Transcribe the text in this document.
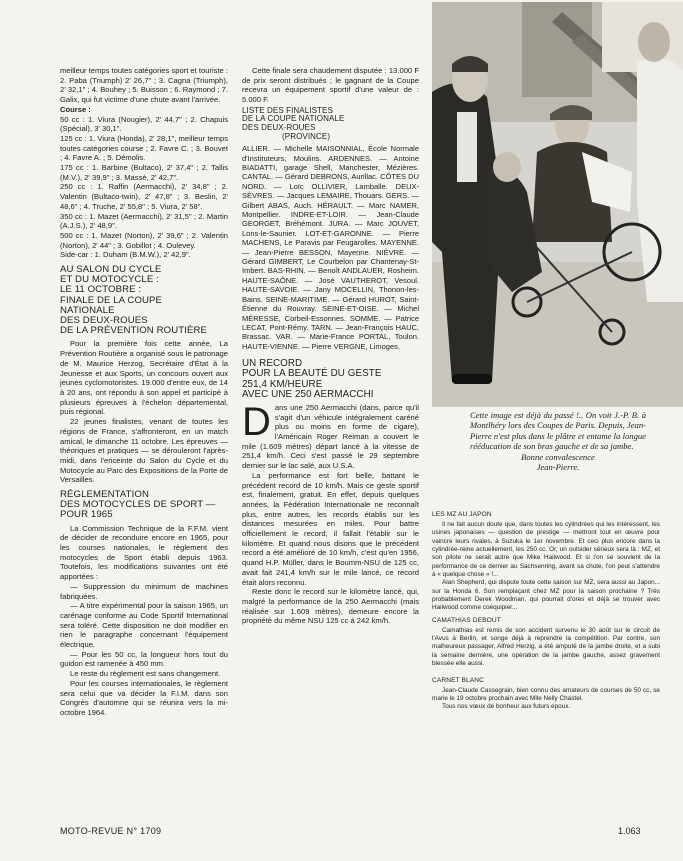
meilleur temps toutes catégories sport et touriste : 2. Paba (Triumph) 2' 26,7" ; 3. Cagna (Triumph), 2' 32,1" ; 4. Bouhey ; 5. Buisson ; 6. Raymond ; 7. Galix, qui fut victime d'une chute avant l'arrivée.

Course :

50 cc : 1. Viura (Nougier), 2' 44,7" ; 2. Chapuis (Spécial), 3' 30,1".

125 cc : 1. Viura (Honda), 2' 28,1", meilleur temps toutes catégories course ; 2. Favre C. ; 3. Bouvet ; 4. Favre A. ; 5. Démolis.

175 cc : 1. Barbine (Bultaco), 2' 37,4" ; 2. Tallis (M.V.), 2' 39,9" ; 3. Massé, 2' 42,7".

250 cc : 1. Raffin (Aermacchi), 2' 34,8" ; 2. Valentin (Bultaco-twin), 2' 47,8" ; 3. Beslin, 2' 48,6" ; 4. Truche, 2' 55,8" ; 5. Viura, 2' 58".

350 cc : 1. Mazet (Aermacchi), 2' 31,5" ; 2. Martin (A.J.S.), 2' 48,9".

500 cc : 1. Mazet (Norton), 2' 39,6" ; 2. Valentin (Norton), 2' 44" ; 3. Gobillot ; 4. Oulevey.

Side-car : 1. Duham (B.M.W.), 2' 42,9".

AU SALON DU CYCLE
ET DU MOTOCYCLE :
LE 11 OCTOBRE :
FINALE DE LA COUPE
NATIONALE
DES DEUX-ROUES
DE LA PRÉVENTION ROUTIÈRE

Pour la première fois cette année, La Prévention Routière a organisé sous le patronage de M. Maurice Herzog, Secrétaire d'État à la Jeunesse et aux Sports, un concours ouvert aux jeunes cyclomotoristes. 19.000 d'entre eux, de 14 à 20 ans, ont répondu à son appel et participé à plusieurs épreuves à l'échelon départemental, puis régional.

22 jeunes finalistes, venant de toutes les régions de France, s'affronteront, en un match amical, le dimanche 11 octobre. Les épreuves — théoriques et pratiques — se dérouleront l'après-midi, dans l'enceinte du Salon du Cycle et du Motocycle au Parc des Expositions de la Porte de Versailles.

RÉGLEMENTATION
DES MOTOCYCLES DE SPORT —
POUR 1965

La Commission Technique de la F.F.M. vient de décider de reconduire encore en 1965, pour les courses nationales, le règlement des motocycles de Sport établi depuis 1963. Toutefois, les modifications suivantes ont été apportées :

— Suppression du minimum de machines fabriquées.

— A titre expérimental pour la saison 1965, un carénage conforme au Code Sportif International sera toléré. Cette disposition ne doit modifier en rien le paragraphe concernant l'équipement électrique.

— Pour les 50 cc, la longueur hors tout du guidon est ramenée à 450 mm.

Le reste du règlement est sans changement.

Pour les courses internationales, le règlement sera celui que va décider la F.I.M. dans son Congrès d'automne qui se réunira vers la mi-octobre 1964.

Cette finale sera chaudement disputée : 13.000 F de prix seront distribués ; le gagnant de la Coupe recevra un équipement sportif d'une valeur de : 5.000 F.

LISTE DES FINALISTES
DE LA COUPE NATIONALE
DES DEUX-ROUES
(PROVINCE)

ALLIER. — Michelle MAISONNIAL, École Normale d'Instituteurs, Moulins. ARDENNES. — Antoine BIADATTI, garage Shell, Manchester, Mézières. CANTAL. — Gérard DEBRONS, Aurillac. CÔTES DU NORD. — Loïc OLLIVIER, Lamballe. DEUX-SÈVRES. — Jacques LEMAIRE, Thouars. GERS. — Gilbert ABAS, Auch. HÉRAULT. — Marc NAMER, Montpellier. INDRE-ET-LOIR. — Jean-Claude GEORGET, Bréhémont. JURA. — Marc JOUVET, Lons-le-Saunier. LOT-ET-GARONNE. — Pierre MACHENS, Le Paravis par Feugarolles. MAYENNE. — Jean-Pierre BESSON, Mayenne. NIÈVRE. — Gérard GIMBERT, Le Courbelon par Chantenay-St-Imbert. BAS-RHIN. — Benoît ANDLAUER, Rosheim. HAUTE-SAÔNE. — José VAUTHEROT, Vesoul. HAUTE-SAVOIE. — Jany MOCELLIN, Thonon-les-Bains. SEINE-MARITIME. — Gérard HUROT, Saint-Étienne du Rouvray. SEINE-ET-OISE. — Michel MÉRESSE, Corbeil-Essonnes. SOMME. — Patrice LECAT, Pont-Rémy. TARN. — Jean-François HAUC, Brassac. VAR. — Marie-France PORTAL, Toulon. HAUTE-VIENNE. — Pierre VERGNE, Limoges.

UN RECORD
POUR LA BEAUTÉ DU GESTE
251,4 KM/HEURE
AVEC UNE 250 AERMACCHI

D ans une 250 Aermacchi (dans, parce qu'il s'agit d'un véhicule intégralement caréné plus ou moins en forme de cigare), l'Américain Roger Reiman a couvert le mile (1.609 mètres) départ lancé à la vitesse de 251,4 km/h. Ceci s'est passé le 29 septembre dernier sur le lac salé, aux U.S.A.

La performance est fort belle, battant le précédent record de 10 km/h. Mais ce geste sportif est, finalement, gratuit. En effet, depuis quelques années, la Fédération Internationale ne reconnaît plus, entre autres, les records établis sur les distances mesurées en miles. Pour battre officiellement le record, il fallait l'établir sur le kilomètre. Et quand nous disons que le précédent record a été amélioré de 10 km/h, c'est qu'en 1956, quand H.P. Müller, dans le Boumm-NSU de 125 cc, avait fait 241,4 km/h sur le mile lancé, ce record était alors reconnu.

Reste donc le record sur le kilomètre lancé, qui, malgré la performance de la 250 Aermacchi (mais réalisée sur 1.609 mètres), demeure encore la propriété du même NSU 125 cc à 242 km/h.

Cette image est déjà du passé !.. On voit J.-P. B. à Montlhéry lors des Coupes de Paris. Depuis, Jean-Pierre n'est plus dans le plâtre et entame la longue rééducation de son bras gauche et de sa jambe.
Bonne convalescence
Jean-Pierre.
LES MZ AU JAPON

Il ne fait aucun doute que, dans toutes les cylindrées qui les intéressent, les usines japonaises — question de prestige — mettront tout en œuvre pour vaincre leurs rivales, à Suzuka le 1er novembre. Et ceci plus encore dans la cylindrée-reine actuellement, les 250 cc. Or, un outsider sérieux sera là : MZ, et son pilote ne serait autre que Mike Hailwood. Et si l'on se souvient de la performance de ce dernier au Sachsenring, avant sa chute, l'on peut s'attendre à « quelque chose » !...

Alan Shepherd, qui dispute toute cette saison sur MZ, sera aussi au Japon... sur la Honda 6. Son remplaçant chez MZ pour la saison prochaine ? Très probablement Derek Woodman, qui pourrait d'ores et déjà se trouver avec Hailwood comme coéquipier...

CAMATHIAS DEBOUT

Camathias est remis de son accident survenu le 30 août sur le circuit de l'Avus à Berlin, et songe déjà à reprendre la compétition. Par contre, son malheureux passager, Alfred Herzig, a été amputé de la jambe droite, et a subi la semaine dernière, une opération de la jambe gauche, assez gravement blessée elle aussi.

CARNET BLANC

Jean-Claude Cassegrain, bien connu des amateurs de courses de 50 cc, se marie le 19 octobre prochain avec Mlle Nelly Chastel.

Tous nos vœux de bonheur aux futurs époux.

MOTO-REVUE N° 1709	1.063
